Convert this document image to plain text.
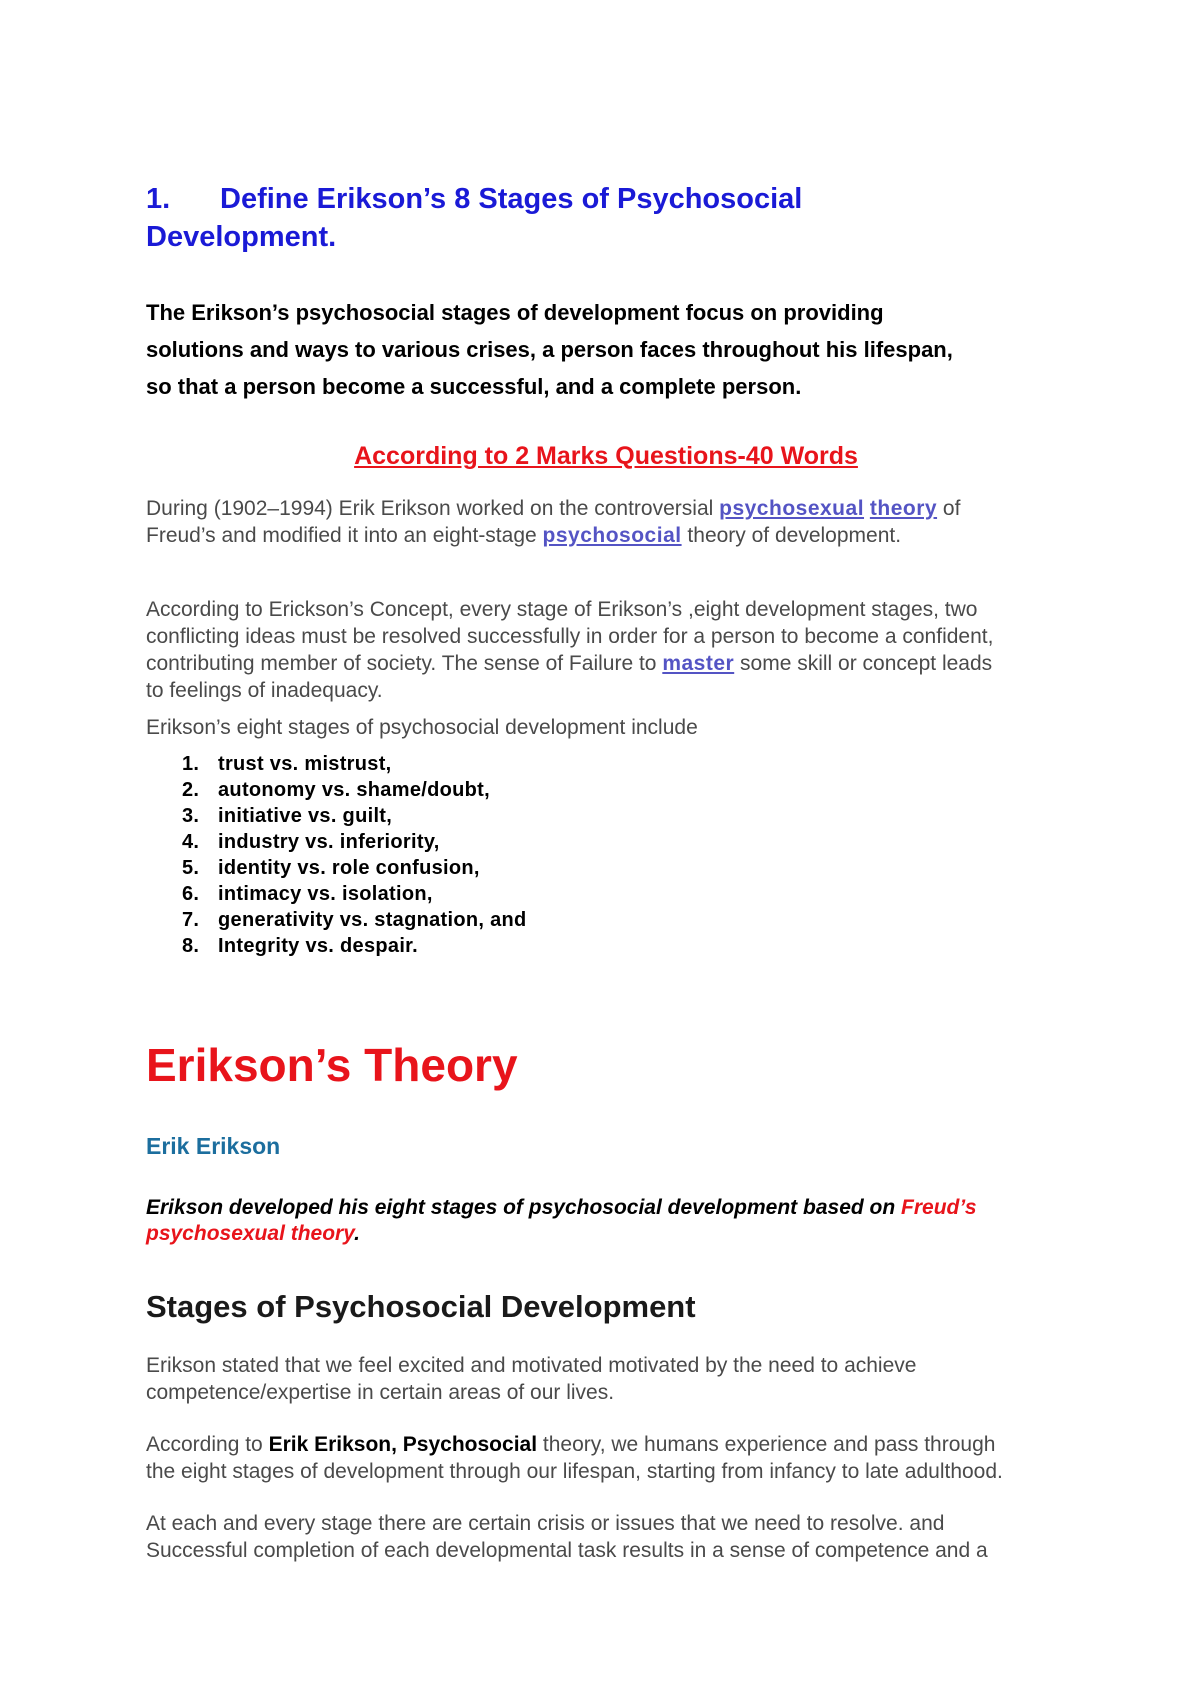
1. Define Erikson’s 8 Stages of Psychosocial
Development.

The Erikson’s psychosocial stages of development focus on providing
solutions and ways to various crises, a person faces throughout his lifespan,
so that a person become a successful, and a complete person.

According to 2 Marks Questions-40 Words

During (1902–1994) Erik Erikson worked on the controversial psychosexual theory of
Freud’s and modified it into an eight-stage psychosocial theory of development.

According to Erickson’s Concept, every stage of Erikson’s ,eight development stages, two
conflicting ideas must be resolved successfully in order for a person to become a confident,
contributing member of society. The sense of Failure to master some skill or concept leads
to feelings of inadequacy.

Erikson’s eight stages of psychosocial development include

1. trust vs. mistrust,
2. autonomy vs. shame/doubt,
3. initiative vs. guilt,
4. industry vs. inferiority,
5. identity vs. role confusion,
6. intimacy vs. isolation,
7. generativity vs. stagnation, and
8. Integrity vs. despair.
Erikson’s Theory
Erik Erikson

Erikson developed his eight stages of psychosocial development based on Freud’s
psychosexual theory.

Stages of Psychosocial Development

Erikson stated that we feel excited and motivated motivated by the need to achieve
competence/expertise in certain areas of our lives.

According to Erik Erikson, Psychosocial theory, we humans experience and pass through
the eight stages of development through our lifespan, starting from infancy to late adulthood.

At each and every stage there are certain crisis or issues that we need to resolve. and
Successful completion of each developmental task results in a sense of competence and a
